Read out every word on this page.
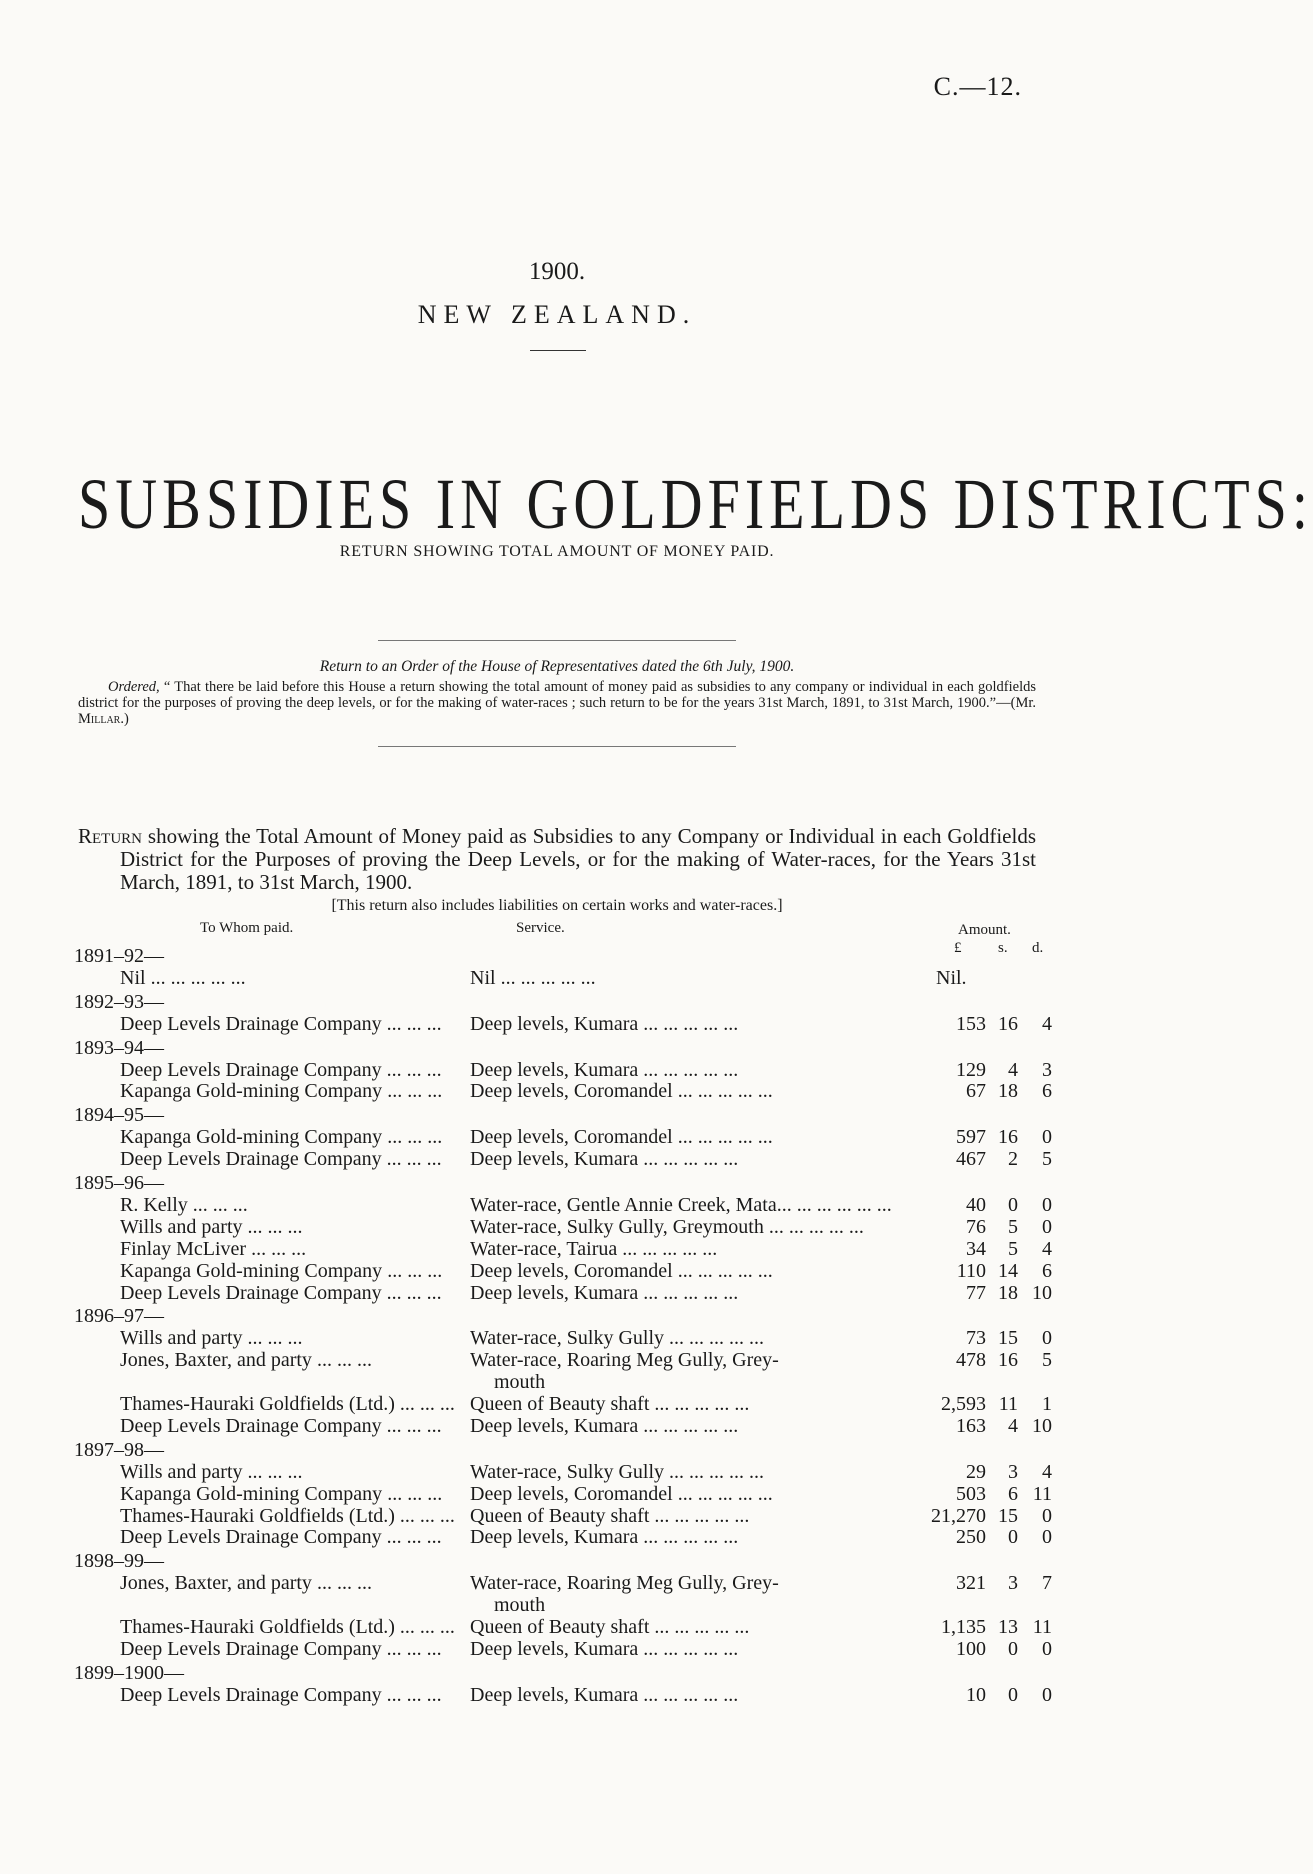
C.—12.
1900.
NEW ZEALAND.
SUBSIDIES IN GOLDFIELDS DISTRICTS:
RETURN SHOWING TOTAL AMOUNT OF MONEY PAID.
Return to an Order of the House of Representatives dated the 6th July, 1900.
Ordered, “ That there be laid before this House a return showing the total amount of money paid as subsidies to any company or individual in each goldfields district for the purposes of proving the deep levels, or for the making of water-races ; such return to be for the years 31st March, 1891, to 31st March, 1900.”—(Mr. Millar.)
Return showing the Total Amount of Money paid as Subsidies to any Company or Individual in each Goldfields District for the Purposes of proving the Deep Levels, or for the making of Water-races, for the Years 31st March, 1891, to 31st March, 1900.
[This return also includes liabilities on certain works and water-races.]
To Whom paid.	Service.	Amount.
£ s. d.
1891–92—
Nil ... ... ... ... ...	Nil ... ... ... ... ...	Nil.
1892–93—
Deep Levels Drainage Company ... ... ...	Deep levels, Kumara ... ... ... ... ...	153 16	4
1893–94—
Deep Levels Drainage Company ... ... ...	Deep levels, Kumara ... ... ... ... ...	129	4	3
Kapanga Gold-mining Company ... ... ...	Deep levels, Coromandel ... ... ... ... ...	67 18	6
1894–95—
Kapanga Gold-mining Company ... ... ...	Deep levels, Coromandel ... ... ... ... ...	597 16	0
Deep Levels Drainage Company ... ... ...	Deep levels, Kumara ... ... ... ... ...	467	2	5
1895–96—
R. Kelly ... ... ...	Water-race, Gentle Annie Creek, Mata... ... ... ... ... ...	40	0	0
Wills and party ... ... ...	Water-race, Sulky Gully, Greymouth ... ... ... ... ...	76	5	0
Finlay McLiver ... ... ...	Water-race, Tairua ... ... ... ... ...	34	5	4
Kapanga Gold-mining Company ... ... ...	Deep levels, Coromandel ... ... ... ... ...	110 14	6
Deep Levels Drainage Company ... ... ...	Deep levels, Kumara ... ... ... ... ...	77 18 10
1896–97—
Wills and party ... ... ...	Water-race, Sulky Gully ... ... ... ... ...	73 15	0
Jones, Baxter, and party ... ... ...	Water-race, Roaring Meg Gully, Grey-	478 16	5
mouth
Thames-Hauraki Goldfields (Ltd.) ... ... ... Queen of Beauty shaft ... ... ... ... ...	2,593 11	1
Deep Levels Drainage Company ... ... ...	Deep levels, Kumara ... ... ... ... ...	163	4 10
1897–98—
Wills and party ... ... ...	Water-race, Sulky Gully ... ... ... ... ...	29	3	4
Kapanga Gold-mining Company ... ... ...	Deep levels, Coromandel ... ... ... ... ...	503	6 11
Thames-Hauraki Goldfields (Ltd.) ... ... ... Queen of Beauty shaft ... ... ... ... ...	21,270 15	0
Deep Levels Drainage Company ... ... ...	Deep levels, Kumara ... ... ... ... ...	250	0	0
1898–99—
Jones, Baxter, and party ... ... ...	Water-race, Roaring Meg Gully, Grey-	321	3	7
mouth
Thames-Hauraki Goldfields (Ltd.) ... ... ... Queen of Beauty shaft ... ... ... ... ...	1,135 13 11
Deep Levels Drainage Company ... ... ...	Deep levels, Kumara ... ... ... ... ...	100	0	0
1899–1900—
Deep Levels Drainage Company ... ... ...	Deep levels, Kumara ... ... ... ... ...	10	0	0
